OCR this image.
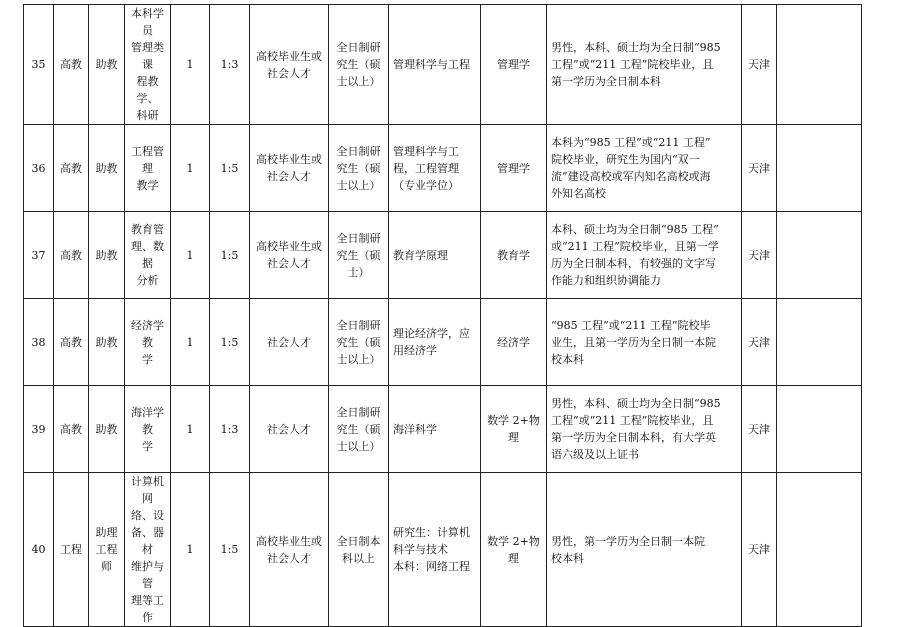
35	高教	助教	本科学员
管理类课
程教学、
科研	1	1:3	高校毕业生或
社会人才	全日制研
究生（硕
士以上）	管理科学与工程	管理学	男性，本科、硕士均为全日制“985
工程”或“211 工程”院校毕业，且
第一学历为全日制本科	天津	
36	高教	助教	工程管理
教学	1	1:5	高校毕业生或
社会人才	全日制研
究生（硕
士以上）	管理科学与工
程，工程管理
（专业学位）	管理学	本科为“985 工程”或“211 工程”
院校毕业，研究生为国内“双一
流”建设高校或军内知名高校或海
外知名高校	天津	
37	高教	助教	教育管
理、数据
分析	1	1:5	高校毕业生或
社会人才	全日制研
究生（硕
士）	教育学原理	教育学	本科、硕士均为全日制“985 工程”
或“211 工程”院校毕业，且第一学
历为全日制本科，有较强的文字写
作能力和组织协调能力	天津	
38	高教	助教	经济学教
学	1	1:5	社会人才	全日制研
究生（硕
士以上）	理论经济学，应
用经济学	经济学	“985 工程”或“211 工程”院校毕
业生，且第一学历为全日制一本院
校本科	天津	
39	高教	助教	海洋学教
学	1	1:3	社会人才	全日制研
究生（硕
士以上）	海洋科学	数学 2+物
理	男性，本科、硕士均为全日制“985
工程”或“211 工程”院校毕业，且
第一学历为全日制本科，有大学英
语六级及以上证书	天津	
40	工程	助理
工程
师	计算机网
络、设
备、器材
维护与管
理等工作	1	1:5	高校毕业生或
社会人才	全日制本
科以上	研究生：计算机
科学与技术
本科：网络工程	数学 2+物
理	男性，第一学历为全日制一本院
校本科	天津	
